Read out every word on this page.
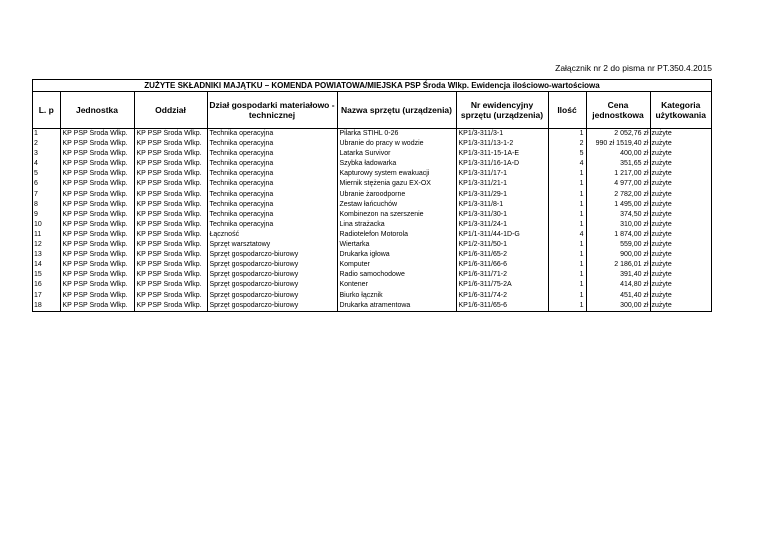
Załącznik nr 2 do pisma nr PT.350.4.2015
ZUŻYTE SKŁADNIKI MAJĄTKU – KOMENDA POWIATOWA/MIEJSKA PSP Środa Wlkp. Ewidencja ilościowo-wartościowa
L. p	Jednostka	Oddział	Dział gospodarki materiałowo - technicznej	Nazwa sprzętu (urządzenia)	Nr ewidencyjny sprzętu (urządzenia)	Ilość	Cena jednostkowa	Kategoria użytkowania
1	KP PSP Środa Wlkp.	KP PSP Środa Wlkp.	Technika operacyjna	Pilarka STIHL 0-26	KP1/3-311/3-1	1	2 052,76 zł	zużyte
2	KP PSP Środa Wlkp.	KP PSP Środa Wlkp.	Technika operacyjna	Ubranie do pracy w wodzie	KP1/3-311/13-1-2	2	990 zł 1519,40 zł	zużyte
3	KP PSP Środa Wlkp.	KP PSP Środa Wlkp.	Technika operacyjna	Latarka Survivor	KP1/3-311-15-1A-E	5	400,00 zł	zużyte
4	KP PSP Środa Wlkp.	KP PSP Środa Wlkp.	Technika operacyjna	Szybka ładowarka	KP1/3-311/16-1A-D	4	351,65 zł	zużyte
5	KP PSP Środa Wlkp.	KP PSP Środa Wlkp.	Technika operacyjna	Kapturowy system ewakuacji	KP1/3-311/17-1	1	1 217,00 zł	zużyte
6	KP PSP Środa Wlkp.	KP PSP Środa Wlkp.	Technika operacyjna	Miernik stężenia gazu EX-OX	KP1/3-311/21-1	1	4 977,00 zł	zużyte
7	KP PSP Środa Wlkp.	KP PSP Środa Wlkp.	Technika operacyjna	Ubranie żaroodporne	KP1/3-311/29-1	1	2 782,00 zł	zużyte
8	KP PSP Środa Wlkp.	KP PSP Środa Wlkp.	Technika operacyjna	Zestaw łańcuchów	KP1/3-311/8-1	1	1 495,00 zł	zużyte
9	KP PSP Środa Wlkp.	KP PSP Środa Wlkp.	Technika operacyjna	Kombinezon na szerszenie	KP1/3-311/30-1	1	374,50 zł	zużyte
10	KP PSP Środa Wlkp.	KP PSP Środa Wlkp.	Technika operacyjna	Lina strażacka	KP1/3-311/24-1	1	310,00 zł	zużyte
11	KP PSP Środa Wlkp.	KP PSP Środa Wlkp.	Łączność	Radiotelefon Motorola	KP1/1-311/44-1D-G	4	1 874,00 zł	zużyte
12	KP PSP Środa Wlkp.	KP PSP Środa Wlkp.	Sprzęt warsztatowy	Wiertarka	KP1/2-311/50-1	1	559,00 zł	zużyte
13	KP PSP Środa Wlkp.	KP PSP Środa Wlkp.	Sprzęt gospodarczo-biurowy	Drukarka igłowa	KP1/6-311/65-2	1	900,00 zł	zużyte
14	KP PSP Środa Wlkp.	KP PSP Środa Wlkp.	Sprzęt gospodarczo-biurowy	Komputer	KP1/6-311/66-6	1	2 186,01 zł	zużyte
15	KP PSP Środa Wlkp.	KP PSP Środa Wlkp.	Sprzęt gospodarczo-biurowy	Radio samochodowe	KP1/6-311/71-2	1	391,40 zł	zużyte
16	KP PSP Środa Wlkp.	KP PSP Środa Wlkp.	Sprzęt gospodarczo-biurowy	Kontener	KP1/6-311/75-2A	1	414,80 zł	zużyte
17	KP PSP Środa Wlkp.	KP PSP Środa Wlkp.	Sprzęt gospodarczo-biurowy	Biurko łącznik	KP1/6-311/74-2	1	451,40 zł	zużyte
18	KP PSP Środa Wlkp.	KP PSP Środa Wlkp.	Sprzęt gospodarczo-biurowy	Drukarka atramentowa	KP1/6-311/65-6	1	300,00 zł	zużyte
